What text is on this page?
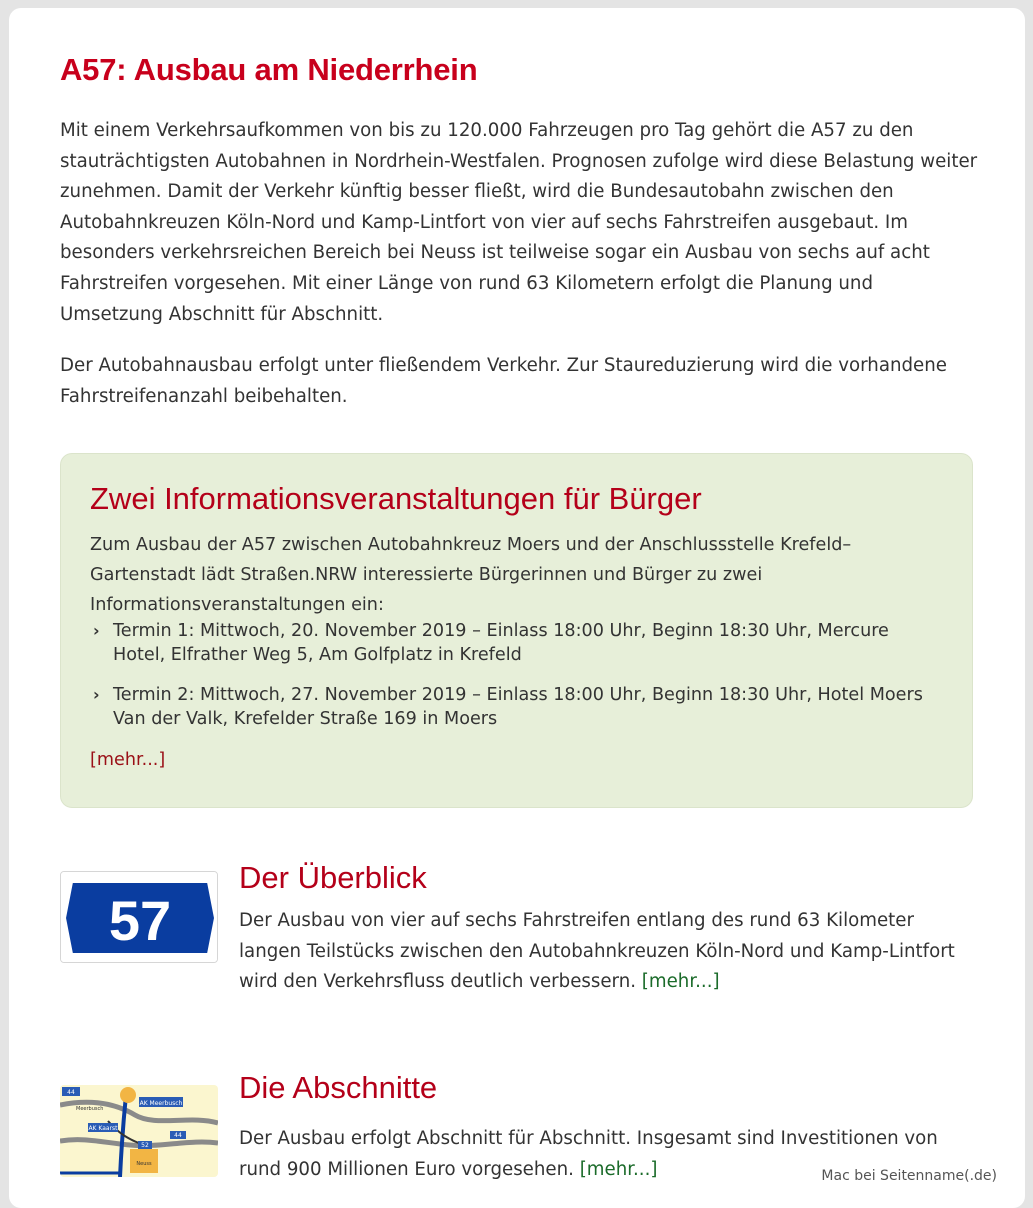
A57: Ausbau am Niederrhein

Mit einem Verkehrsaufkommen von bis zu 120.000 Fahrzeugen pro Tag gehört die A57 zu den stauträchtigsten Autobahnen in Nordrhein-Westfalen. Prognosen zufolge wird diese Belastung weiter zunehmen. Damit der Verkehr künftig besser fließt, wird die Bundesautobahn zwischen den Autobahnkreuzen Köln-Nord und Kamp-Lintfort von vier auf sechs Fahrstreifen ausgebaut. Im besonders verkehrsreichen Bereich bei Neuss ist teilweise sogar ein Ausbau von sechs auf acht Fahrstreifen vorgesehen. Mit einer Länge von rund 63 Kilometern erfolgt die Planung und Umsetzung Abschnitt für Abschnitt.

Der Autobahnausbau erfolgt unter fließendem Verkehr. Zur Staureduzierung wird die vorhandene Fahrstreifenanzahl beibehalten.

Zwei Informationsveranstaltungen für Bürger

Zum Ausbau der A57 zwischen Autobahnkreuz Moers und der Anschlussstelle Krefeld–Gartenstadt lädt Straßen.NRW interessierte Bürgerinnen und Bürger zu zwei Informationsveranstaltungen ein:

› Termin 1: Mittwoch, 20. November 2019 – Einlass 18:00 Uhr, Beginn 18:30 Uhr, Mercure Hotel, Elfrather Weg 5, Am Golfplatz in Krefeld
› Termin 2: Mittwoch, 27. November 2019 – Einlass 18:00 Uhr, Beginn 18:30 Uhr, Hotel Moers Van der Valk, Krefelder Straße 169 in Moers
[mehr...]
57
Der Überblick

Der Ausbau von vier auf sechs Fahrstreifen entlang des rund 63 Kilometer langen Teilstücks zwischen den Autobahnkreuzen Köln-Nord und Kamp-Lintfort wird den Verkehrsfluss deutlich verbessern. [mehr...]

44
AK Meerbusch
Meerbusch
AK Kaarst
44
52
Neuss
Die Abschnitte

Der Ausbau erfolgt Abschnitt für Abschnitt. Insgesamt sind Investitionen von rund 900 Millionen Euro vorgesehen. [mehr...]	Mac bei Seitenname(.de)
